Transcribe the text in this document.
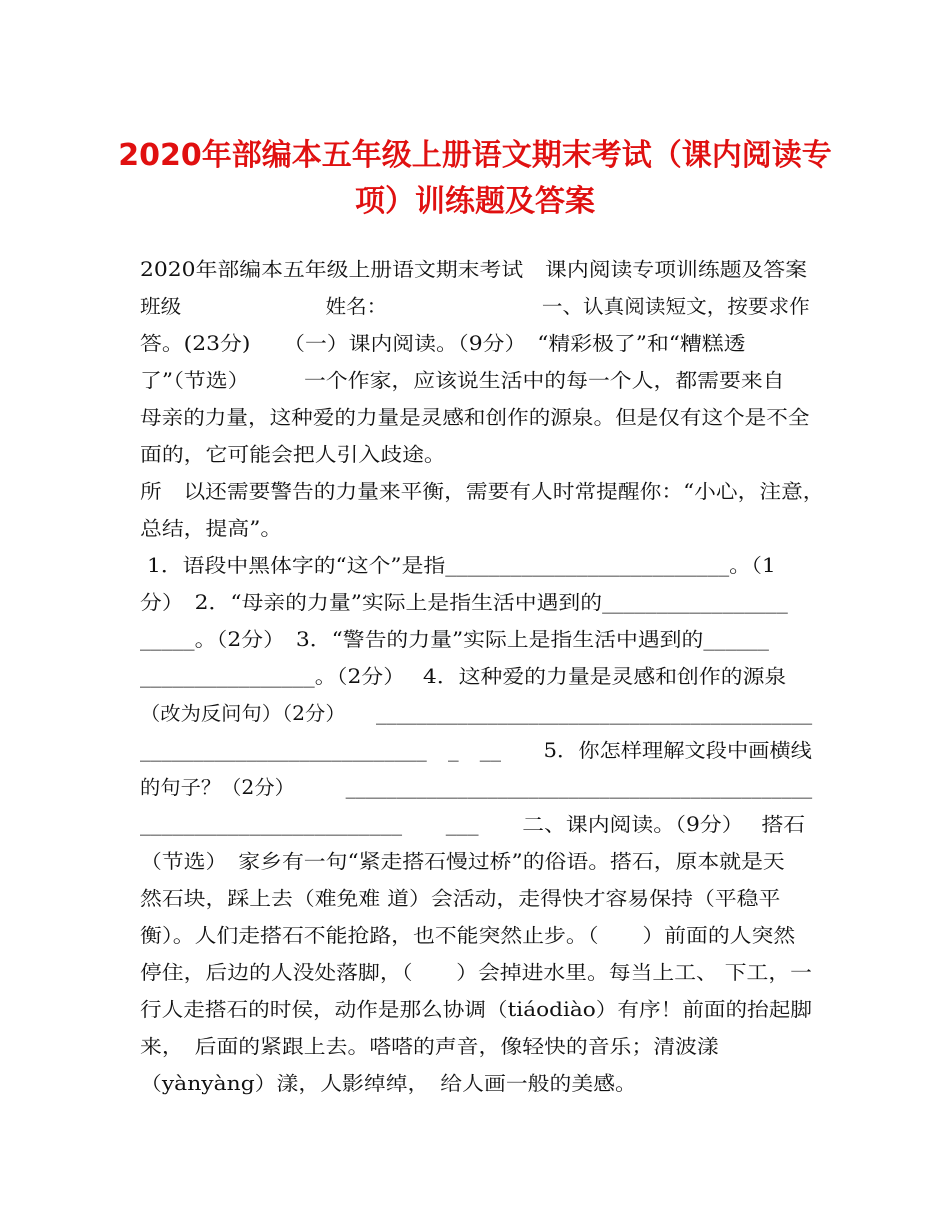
2020年部编本五年级上册语文期末考试（课内阅读专
项）训练题及答案
2020年部编本五年级上册语文期末考试　课内阅读专项训练题及答案
班级　　　　　　　姓名：　　　　　　　　一、认真阅读短文，按要求作
答。(23分)　　（一）课内阅读。（9分）　“精彩极了”和“糟糕透
了”（节选）　　　一个作家，应该说生活中的每一个人，都需要来自
母亲的力量，这种爱的力量是灵感和创作的源泉。但是仅有这个是不全
面的，它可能会把人引入歧途。
所　以还需要警告的力量来平衡，需要有人时常提醒你：“小心，注意，
总结，提高”。
1．语段中黑体字的“这个”是指__________________________。（1
分）　2．“母亲的力量”实际上是指生活中遇到的_________________
_____。（2分）　3．“警告的力量”实际上是指生活中遇到的______
________________。（2分）　 4．这种爱的力量是灵感和创作的源泉
（改为反问句）（2分）　　___________________________________________
___________________________　_　__　　5．你怎样理解文段中画横线
的句子？（2分）　　　______________________________________________
________________________　　___　　二、课内阅读。（9分）　 搭石
（节选）　家乡有一句“紧走搭石慢过桥”的俗语。搭石，原本就是天
然石块，踩上去（难免难 道）会活动，走得快才容易保持（平稳平
衡）。人们走搭石不能抢路，也不能突然止步。（　　）前面的人突然
停住，后边的人没处落脚，（　　）会掉进水里。每当上工、 下工，一
行人走搭石的时侯，动作是那么协调（tiáodiào）有序！前面的抬起脚
来，　后面的紧跟上去。嗒嗒的声音，像轻快的音乐；清波漾
（yànyàng）漾，人影绰绰，　给人画一般的美感。
